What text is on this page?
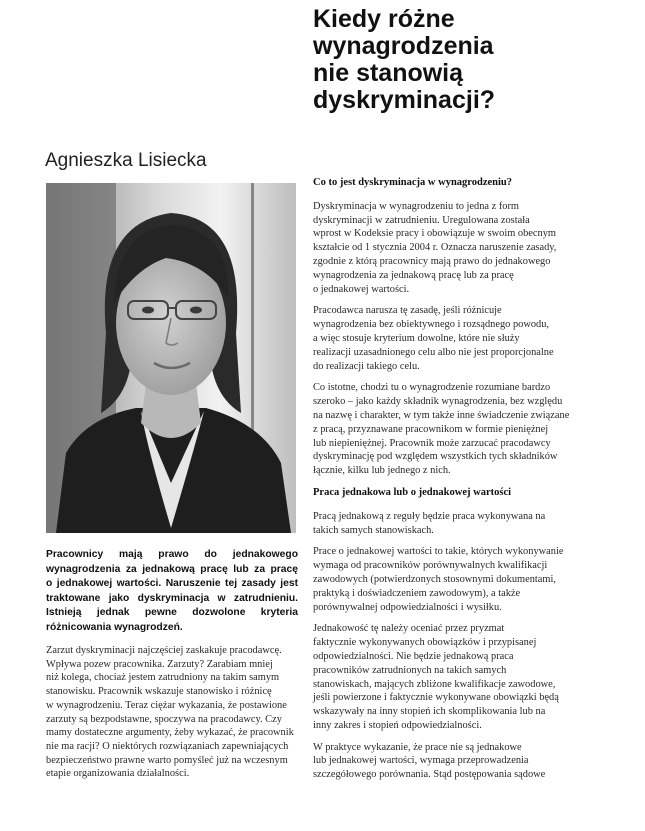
Kiedy różne
wynagrodzenia
nie stanowią
dyskryminacji?
Agnieszka Lisiecka
Pracownicy mają prawo do jednakowego
wynagrodzenia za jednakową pracę lub za pracę
o jednakowej wartości. Naruszenie tej zasady jest
traktowane jako dyskryminacja w zatrudnieniu.
Istnieją jednak pewne dozwolone kryteria
różnicowania wynagrodzeń.
Zarzut dyskryminacji najczęściej zaskakuje pracodawcę.
Wpływa pozew pracownika. Zarzuty? Zarabiam mniej
niż kolega, chociaż jestem zatrudniony na takim samym
stanowisku. Pracownik wskazuje stanowisko i różnicę
w wynagrodzeniu. Teraz ciężar wykazania, że postawione
zarzuty są bezpodstawne, spoczywa na pracodawcy. Czy
mamy dostateczne argumenty, żeby wykazać, że pracownik
nie ma racji? O niektórych rozwiązaniach zapewniających
bezpieczeństwo prawne warto pomyśleć już na wczesnym
etapie organizowania działalności.
Co to jest dyskryminacja w wynagrodzeniu?

Dyskryminacja w wynagrodzeniu to jedna z form
dyskryminacji w zatrudnieniu. Uregulowana została
wprost w Kodeksie pracy i obowiązuje w swoim obecnym
kształcie od 1 stycznia 2004 r. Oznacza naruszenie zasady,
zgodnie z którą pracownicy mają prawo do jednakowego
wynagrodzenia za jednakową pracę lub za pracę
o jednakowej wartości.

Pracodawca narusza tę zasadę, jeśli różnicuje
wynagrodzenia bez obiektywnego i rozsądnego powodu,
a więc stosuje kryterium dowolne, które nie służy
realizacji uzasadnionego celu albo nie jest proporcjonalne
do realizacji takiego celu.

Co istotne, chodzi tu o wynagrodzenie rozumiane bardzo
szeroko – jako każdy składnik wynagrodzenia, bez względu
na nazwę i charakter, w tym także inne świadczenie związane
z pracą, przyznawane pracownikom w formie pieniężnej
lub niepieniężnej. Pracownik może zarzucać pracodawcy
dyskryminację pod względem wszystkich tych składników
łącznie, kilku lub jednego z nich.

Praca jednakowa lub o jednakowej wartości

Pracą jednakową z reguły będzie praca wykonywana na
takich samych stanowiskach.

Prace o jednakowej wartości to takie, których wykonywanie
wymaga od pracowników porównywalnych kwalifikacji
zawodowych (potwierdzonych stosownymi dokumentami,
praktyką i doświadczeniem zawodowym), a także
porównywalnej odpowiedzialności i wysiłku.

Jednakowość tę należy oceniać przez pryzmat
faktycznie wykonywanych obowiązków i przypisanej
odpowiedzialności. Nie będzie jednakową praca
pracowników zatrudnionych na takich samych
stanowiskach, mających zbliżone kwalifikacje zawodowe,
jeśli powierzone i faktycznie wykonywane obowiązki będą
wskazywały na inny stopień ich skomplikowania lub na
inny zakres i stopień odpowiedzialności.

W praktyce wykazanie, że prace nie są jednakowe
lub jednakowej wartości, wymaga przeprowadzenia
szczegółowego porównania. Stąd postępowania sądowe
